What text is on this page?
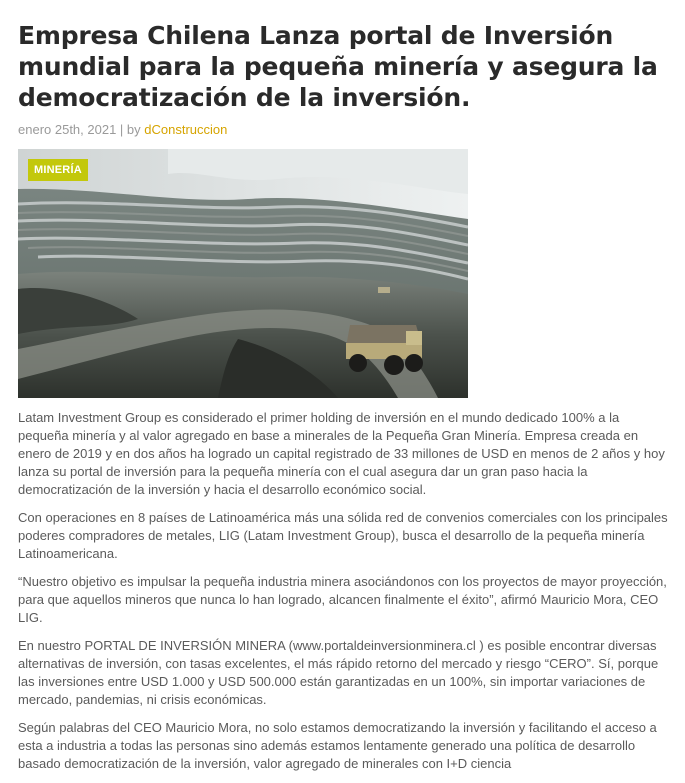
Empresa Chilena Lanza portal de Inversión mundial para la pequeña minería y asegura la democratización de la inversión.
enero 25th, 2021 | by dConstruccion
MINERÍA

Latam Investment Group es considerado el primer holding de inversión en el mundo dedicado 100% a la pequeña minería y al valor agregado en base a minerales de la Pequeña Gran Minería. Empresa creada en enero de 2019 y en dos años ha logrado un capital registrado de 33 millones de USD en menos de 2 años y hoy lanza su portal de inversión para la pequeña minería con el cual asegura dar un gran paso hacia la democratización de la inversión y hacia el desarrollo económico social.

Con operaciones en 8 países de Latinoamérica más una sólida red de convenios comerciales con los principales poderes compradores de metales, LIG (Latam Investment Group), busca el desarrollo de la pequeña minería Latinoamericana.

“Nuestro objetivo es impulsar la pequeña industria minera asociándonos con los proyectos de mayor proyección, para que aquellos mineros que nunca lo han logrado, alcancen finalmente el éxito”, afirmó Mauricio Mora, CEO LIG.

En nuestro PORTAL DE INVERSIÓN MINERA (www.portaldeinversionminera.cl ) es posible encontrar diversas alternativas de inversión, con tasas excelentes, el más rápido retorno del mercado y riesgo “CERO”. Sí, porque las inversiones entre USD 1.000 y USD 500.000 están garantizadas en un 100%, sin importar variaciones de mercado, pandemias, ni crisis económicas.

Según palabras del CEO Mauricio Mora, no solo estamos democratizando la inversión y facilitando el acceso a esta a industria a todas las personas sino además estamos lentamente generado una política de desarrollo basado democratización de la inversión, valor agregado de minerales con I+D ciencia
